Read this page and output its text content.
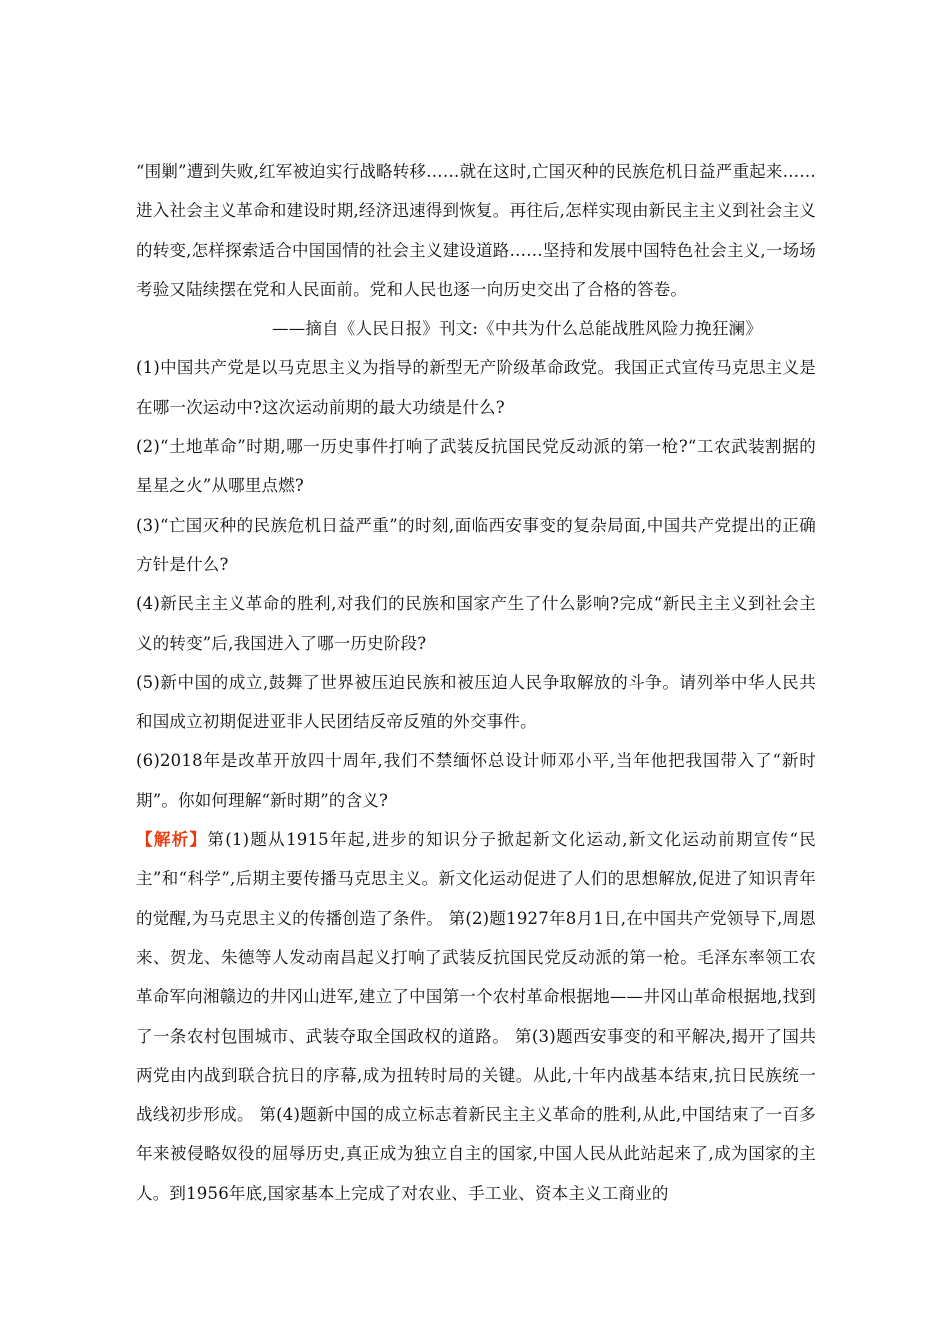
“围剿”遭到失败,红军被迫实行战略转移……就在这时,亡国灭种的民族危机日益严重起来…… 进入社会主义革命和建设时期,经济迅速得到恢复。再往后,怎样实现由新民主主义到社会主义的转变,怎样探索适合中国国情的社会主义建设道路……坚持和发展中国特色社会主义,一场场考验又陆续摆在党和人民面前。党和人民也逐一向历史交出了合格的答卷。

——摘自《人民日报》刊文:《中共为什么总能战胜风险力挽狂澜》

(1)中国共产党是以马克思主义为指导的新型无产阶级革命政党。我国正式宣传马克思主义是在哪一次运动中?这次运动前期的最大功绩是什么?

(2)“土地革命”时期,哪一历史事件打响了武装反抗国民党反动派的第一枪?“工农武装割据的星星之火”从哪里点燃?

(3)“亡国灭种的民族危机日益严重”的时刻,面临西安事变的复杂局面,中国共产党提出的正确方针是什么?

(4)新民主主义革命的胜利,对我们的民族和国家产生了什么影响?完成“新民主主义到社会主义的转变”后,我国进入了哪一历史阶段?

(5)新中国的成立,鼓舞了世界被压迫民族和被压迫人民争取解放的斗争。请列举中华人民共和国成立初期促进亚非人民团结反帝反殖的外交事件。

(6)2018年是改革开放四十周年,我们不禁缅怀总设计师邓小平,当年他把我国带入了“新时期”。你如何理解“新时期”的含义?

【解析】第(1)题从1915年起,进步的知识分子掀起新文化运动,新文化运动前期宣传“民主”和“科学”,后期主要传播马克思主义。新文化运动促进了人们的思想解放,促进了知识青年的觉醒,为马克思主义的传播创造了条件。 第(2)题1927年8月1日,在中国共产党领导下,周恩来、贺龙、朱德等人发动南昌起义打响了武装反抗国民党反动派的第一枪。毛泽东率领工农革命军向湘赣边的井冈山进军,建立了中国第一个农村革命根据地——井冈山革命根据地,找到了一条农村包围城市、武装夺取全国政权的道路。 第(3)题西安事变的和平解决,揭开了国共两党由内战到联合抗日的序幕,成为扭转时局的关键。从此,十年内战基本结束,抗日民族统一战线初步形成。 第(4)题新中国的成立标志着新民主主义革命的胜利,从此,中国结束了一百多年来被侵略奴役的屈辱历史,真正成为独立自主的国家,中国人民从此站起来了,成为国家的主人。到1956年底,国家基本上完成了对农业、手工业、资本主义工商业的
